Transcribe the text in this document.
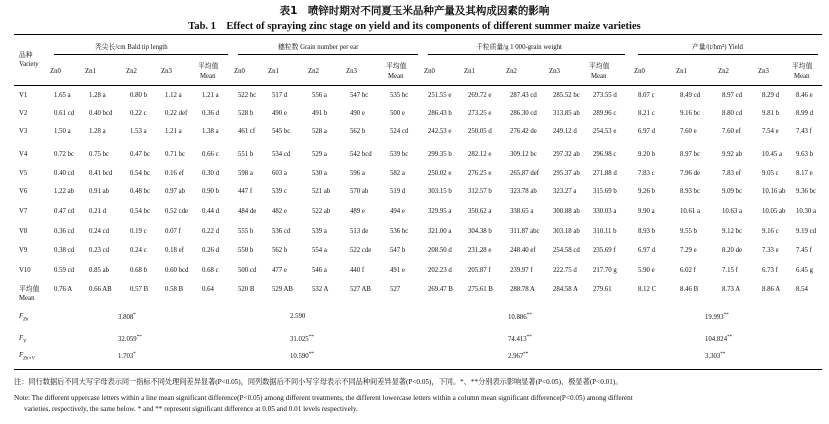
表1　喷锌时期对不同夏玉米品种产量及其构成因素的影响
Tab. 1　Effect of spraying zinc stage on yield and its components of different summer maize varieties
品种
Variety
秃尖长/cm Bald tip length
Zn0	Zn1	Zn2	Zn3
平均值
Mean
穗粒数 Grain number per ear
Zn0	Zn1	Zn2	Zn3
平均值
Mean
千粒质量/g 1 000-grain weight
Zn0	Zn1	Zn2	Zn3
平均值
Mean
产量/(t/hm²) Yield
Zn0	Zn1	Zn2	Zn3
平均值
Mean
V1	1.65 a	1.28 a	0.80 b	1.12 a	1.21 a	522 bc 517 d	556 a	547 bc	535 bc	251.55 e 269.72 e	287.43 cd 285.52 bc 273.55 d	8.07 c	8.49 cd	8.97 cd	8.29 d	8.46 e
V2	0.61 cd 0.40 bcd	0.22 c	0.22 def 0.36 d	528 b	490 e	491 b	490 e	500 e	286.43 b 273.25 e	286.30 cd 313.85 ab 289.96 c	8.21 c	9.16 bc	8.80 cd	9.81 b	8.99 d
V3	1.50 a	1.28 a	1.53 a	1.21 a	1.38 a	461 cf 545 bc	528 a	562 b	524 cd	242.53 e 250.05 d	276.42 de 249.12 d 254.53 e	6.97 d	7.60 e	7.60 ef	7.54 e	7.43 f
V4	0.72 bc 0.75 bc	0.47 bc 0.71 bc 0.66 c	551 b	534 cd	529 a	542 bcd	539 bc	299.35 b 282.12 e	309.12 bc 297.32 ab 296.98 c	9.20 b	8.97 bc	9.92 ab	10.45 a 9.63 b
V5	0.40 cd 0.41 bcd	0.54 bc 0.16 ef	0.30 d	598 a	603 a	530 a	596 a	582 a	250.02 e 276.25 e	265.87 def 295.37 ab 271.88 d	7.83 c	7.96 de	7.83 ef	9.05 c	8.17 e
V6	1.22 ab 0.91 ab	0.48 bc 0.97 ab 0.90 b	447 f	539 c	521 ab	570 ab	519 d	303.15 b 312.57 b	323.78 ab 323.27 a 315.69 b	9.26 b	8.93 bc	9.09 bc	10.16 ab 9.36 bc
V7	0.47 cd 0.21 d	0.54 bc 0.52 cde 0.44 d	484 de 482 e	522 ab	489 e	494 e	329.95 a 350.62 a	338.65 a	300.88 ab 330.03 a	9.90 a	10.61 a	10.63 a	10.05 ab 10.30 a
V8	0.36 cd 0.24 cd	0.19 c	0.07 f	0.22 d	555 b	536 cd	539 a	513 de	536 bc	321.00 a 304.38 b	311.87 abc 303.18 ab 310.11 b	8.93 b	9.55 b	9.12 bc	9.16 c	9.19 cd
V9	0.38 cd 0.23 cd	0.24 c	0.18 ef	0.26 d	550 b	562 b	554 a	522 cde	547 b	208.50 d 231.28 e	248.40 ef	254.58 cd 235.69 f	6.97 d	7.29 e	8.20 de	7.33 e	7.45 f
V10	0.59 cd 0.85 ab	0.68 b	0.60 bcd 0.68 c	500 cd 477 e	546 a	440 f	491 e	202.23 d 205.87 f	239.97 f	222.75 d 217.70 g	5.90 e	6.02 f	7.15 f	6.73 f	6.45 g
平均值
Mean
0.76 A 0.66 AB	0.57 B 0.58 B	0.64	520 B	529 AB	532 A	527 AB	527	269.47 B 275.61 B	288.78 A	284.58 A 279.61	8.12 C	8.46 B	8.73 A	8.86 A 8.54
$F_{Zn}$	3.808*	2.590	10.886**	19.993**
$F_V$	32.059**	31.025**	74.413**	104.824**
$F_{Zn\times V}$	1.703*	10.590**	2.967**	3.303**
注：同行数据后不同大写字母表示同一指标不同处理间差异显著(P<0.05)，同列数据后不同小写字母表示不同品种间差异显著(P<0.05)，下同。*、**分别表示影响显著(P<0.05)、极显著(P<0.01)。
Note: The different uppercase letters within a line mean significant difference(P<0.05) among different treatments, the different lowercase letters within a column mean significant difference(P<0.05) among different
varieties, respectively, the same below. * and ** represent significant difference at 0.05 and 0.01 levels respectively.
